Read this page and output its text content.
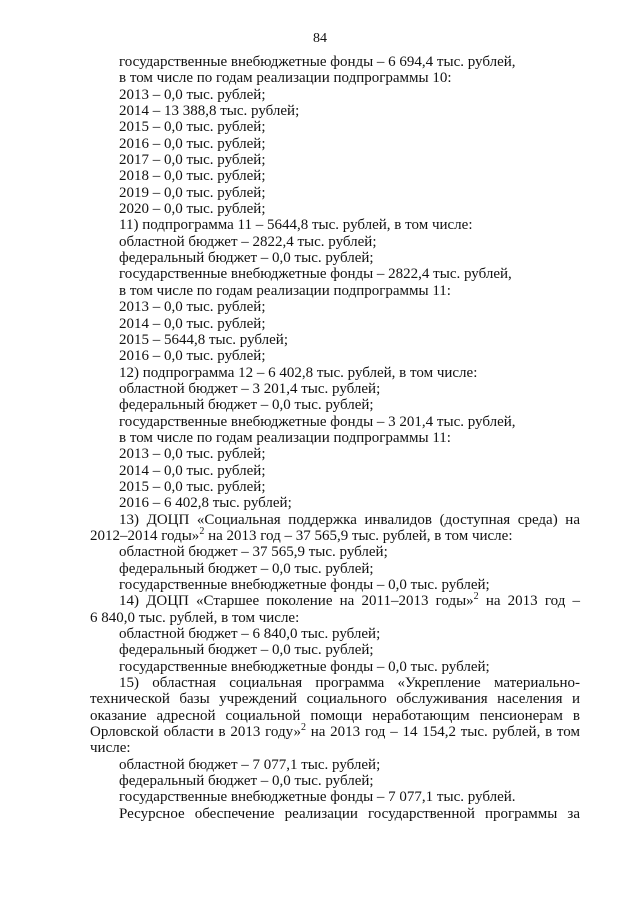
84
государственные внебюджетные фонды – 6 694,4 тыс. рублей,
в том числе по годам реализации подпрограммы 10:
2013 – 0,0 тыс. рублей;
2014 – 13 388,8 тыс. рублей;
2015 – 0,0 тыс. рублей;
2016 – 0,0 тыс. рублей;
2017 – 0,0 тыс. рублей;
2018 – 0,0 тыс. рублей;
2019 – 0,0 тыс. рублей;
2020 – 0,0 тыс. рублей;
11) подпрограмма 11 – 5644,8 тыс. рублей, в том числе:
областной бюджет – 2822,4 тыс. рублей;
федеральный бюджет – 0,0 тыс. рублей;
государственные внебюджетные фонды – 2822,4 тыс. рублей,
в том числе по годам реализации подпрограммы 11:
2013 – 0,0 тыс. рублей;
2014 – 0,0 тыс. рублей;
2015 – 5644,8 тыс. рублей;
2016 – 0,0 тыс. рублей;
12) подпрограмма 12 – 6 402,8 тыс. рублей, в том числе:
областной бюджет – 3 201,4 тыс. рублей;
федеральный бюджет – 0,0 тыс. рублей;
государственные внебюджетные фонды – 3 201,4 тыс. рублей,
в том числе по годам реализации подпрограммы 11:
2013 – 0,0 тыс. рублей;
2014 – 0,0 тыс. рублей;
2015 – 0,0 тыс. рублей;
2016 – 6 402,8 тыс. рублей;
13) ДОЦП «Социальная поддержка инвалидов (доступная среда) на
2012–2014 годы»$^2$ на 2013 год – 37 565,9 тыс. рублей, в том числе:
областной бюджет – 37 565,9 тыс. рублей;
федеральный бюджет – 0,0 тыс. рублей;
государственные внебюджетные фонды – 0,0 тыс. рублей;
14) ДОЦП «Старшее поколение на 2011–2013 годы»$^2$ на 2013 год –
6 840,0 тыс. рублей, в том числе:
областной бюджет – 6 840,0 тыс. рублей;
федеральный бюджет – 0,0 тыс. рублей;
государственные внебюджетные фонды – 0,0 тыс. рублей;
15) областная социальная программа «Укрепление материально-
технической базы учреждений социального обслуживания населения и
оказание адресной социальной помощи неработающим пенсионерам в
Орловской области в 2013 году»$^2$ на 2013 год – 14 154,2 тыс. рублей, в том
числе:
областной бюджет – 7 077,1 тыс. рублей;
федеральный бюджет – 0,0 тыс. рублей;
государственные внебюджетные фонды – 7 077,1 тыс. рублей.
Ресурсное обеспечение реализации государственной программы за
